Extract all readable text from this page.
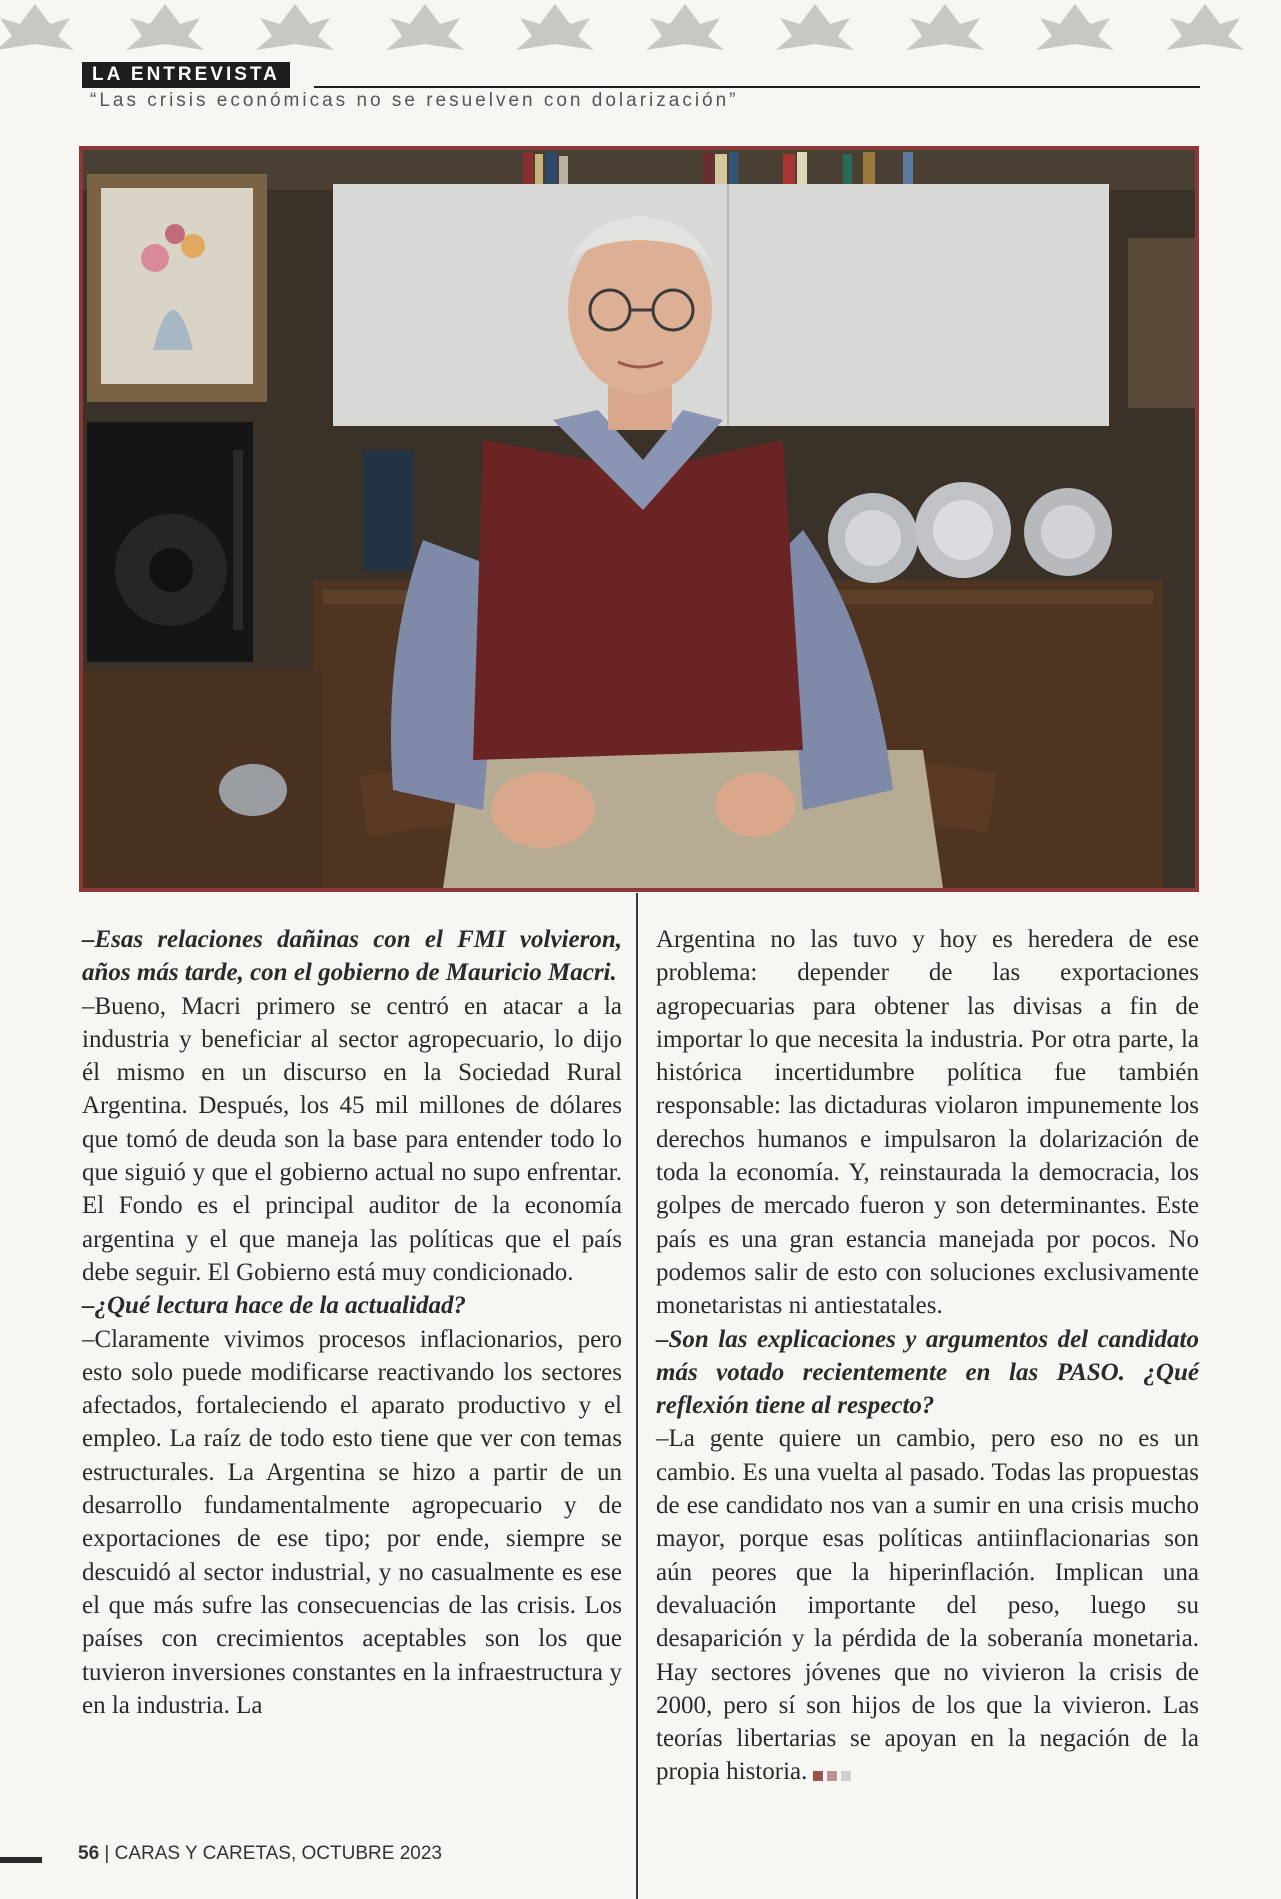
LA ENTREVISTA
“Las crisis económicas no se resuelven con dolarización”

–Esas relaciones dañinas con el FMI volvieron, años más tarde, con el gobierno de Mauricio Macri.

–Bueno, Macri primero se centró en atacar a la industria y beneficiar al sector agropecuario, lo dijo él mismo en un discurso en la Sociedad Rural Argentina. Después, los 45 mil millones de dólares que tomó de deuda son la base para entender todo lo que siguió y que el gobierno actual no supo enfrentar. El Fondo es el principal auditor de la economía argentina y el que maneja las políticas que el país debe seguir. El Gobierno está muy condicionado.

–¿Qué lectura hace de la actualidad?

–Claramente vivimos procesos inflacionarios, pero esto solo puede modificarse reactivando los sectores afectados, fortaleciendo el aparato productivo y el empleo. La raíz de todo esto tiene que ver con temas estructurales. La Argentina se hizo a partir de un desarrollo fundamentalmente agropecuario y de exportaciones de ese tipo; por ende, siempre se descuidó al sector industrial, y no casualmente es ese el que más sufre las consecuencias de las crisis. Los países con crecimientos aceptables son los que tuvieron inversiones constantes en la infraestructura y en la industria. La

Argentina no las tuvo y hoy es heredera de ese problema: depender de las exportaciones agropecuarias para obtener las divisas a fin de importar lo que necesita la industria. Por otra parte, la histórica incertidumbre política fue también responsable: las dictaduras violaron impunemente los derechos humanos e impulsaron la dolarización de toda la economía. Y, reinstaurada la democracia, los golpes de mercado fueron y son determinantes. Este país es una gran estancia manejada por pocos. No podemos salir de esto con soluciones exclusivamente monetaristas ni antiestatales.

–Son las explicaciones y argumentos del candidato más votado recientemente en las PASO. ¿Qué reflexión tiene al respecto?

–La gente quiere un cambio, pero eso no es un cambio. Es una vuelta al pasado. Todas las propuestas de ese candidato nos van a sumir en una crisis mucho mayor, porque esas políticas antiinflacionarias son aún peores que la hiperinflación. Implican una devaluación importante del peso, luego su desaparición y la pérdida de la soberanía monetaria. Hay sectores jóvenes que no vivieron la crisis de 2000, pero sí son hijos de los que la vivieron. Las teorías libertarias se apoyan en la negación de la propia historia.

56 | CARAS Y CARETAS, OCTUBRE 2023
